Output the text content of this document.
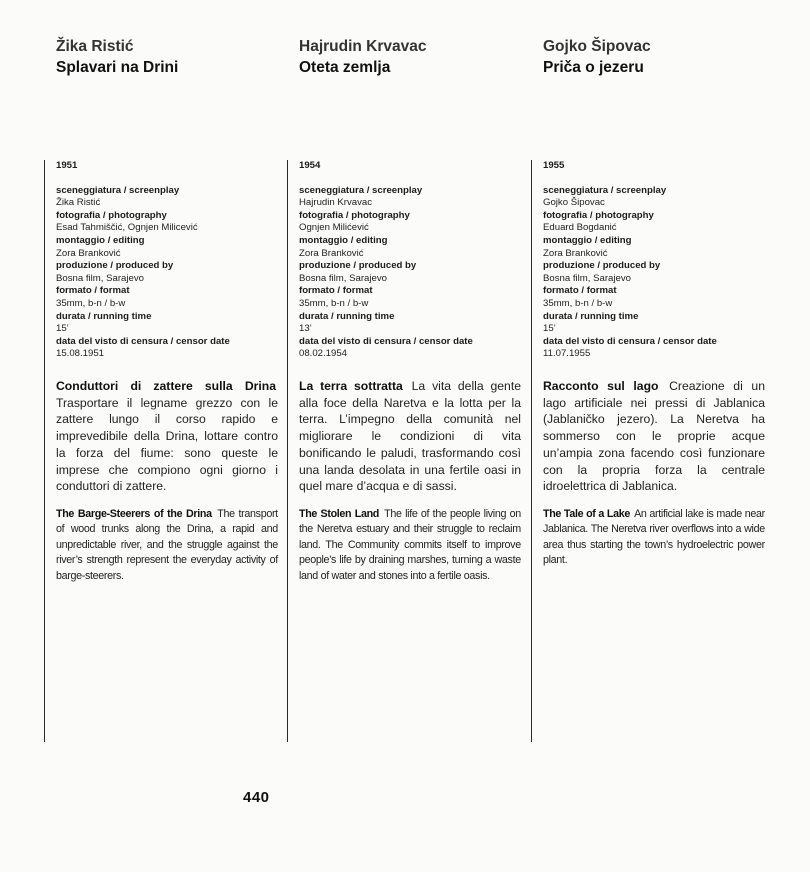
Žika Ristić

Splavari na Drini

Hajrudin Krvavac

Oteta zemlja

Gojko Šipovac

Priča o jezeru

1951
sceneggiatura / screenplay
Žika Ristić
fotografia / photography
Esad Tahmiščić, Ognjen Milicević
montaggio / editing
Zora Branković
produzione / produced by
Bosna film, Sarajevo
formato / format
35mm, b-n / b-w
durata / running time
15’
data del visto di censura / censor date
15.08.1951
1954
sceneggiatura / screenplay
Hajrudin Krvavac
fotografia / photography
Ognjen Milićević
montaggio / editing
Zora Branković
produzione / produced by
Bosna film, Sarajevo
formato / format
35mm, b-n / b-w
durata / running time
13’
data del visto di censura / censor date
08.02.1954
1955
sceneggiatura / screenplay
Gojko Šipovac
fotografia / photography
Eduard Bogdanić
montaggio / editing
Zora Branković
produzione / produced by
Bosna film, Sarajevo
formato / format
35mm, b-n / b-w
durata / running time
15’
data del visto di censura / censor date
11.07.1955

Conduttori di zattere sulla Drina Trasportare il legname grezzo con le zattere lungo il corso rapido e imprevedibile della Drina, lottare contro la forza del fiume: sono queste le imprese che compiono ogni giorno i conduttori di zattere.

The Barge-Steerers of the Drina The transport of wood trunks along the Drina, a rapid and unpredictable river, and the struggle against the river’s strength represent the everyday activity of barge-steerers.

La terra sottratta La vita della gente alla foce della Naretva e la lotta per la terra. L’impegno della comunità nel migliorare le condizioni di vita bonificando le paludi, trasformando così una landa desolata in una fertile oasi in quel mare d’acqua e di sassi.

The Stolen Land The life of the people living on the Neretva estuary and their struggle to reclaim land. The Community commits itself to improve people’s life by draining marshes, turning a waste land of water and stones into a fertile oasis.

Racconto sul lago Creazione di un lago artificiale nei pressi di Jablanica (Jablaničko jezero). La Neretva ha sommerso con le proprie acque un’ampia zona facendo così funzionare con la propria forza la centrale idroelettrica di Jablanica.

The Tale of a Lake An artificial lake is made near Jablanica. The Neretva river overflows into a wide area thus starting the town’s hydroelectric power plant.

440
